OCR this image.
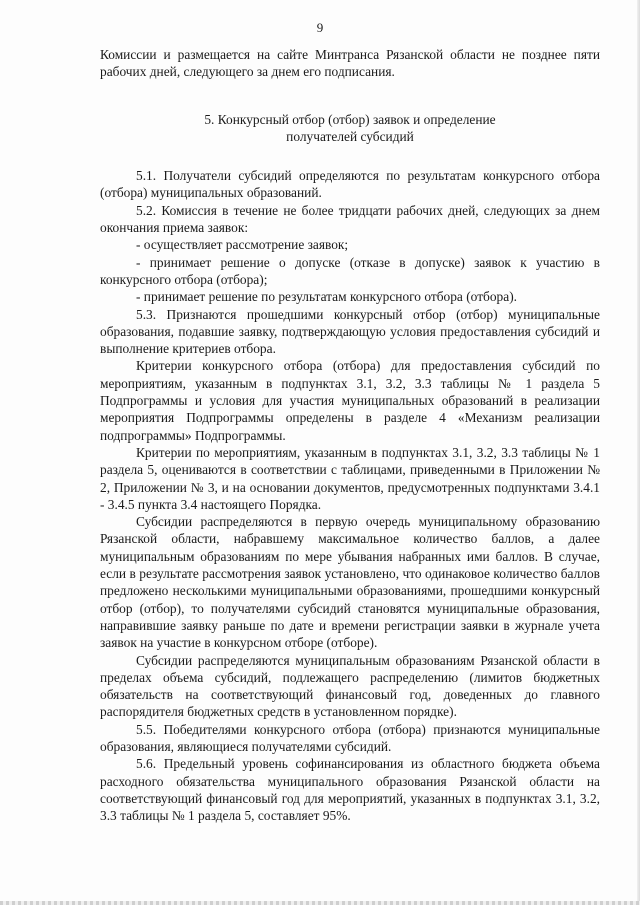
9

Комиссии и размещается на сайте Минтранса Рязанской области не позднее пяти рабочих дней, следующего за днем его подписания.

5. Конкурсный отбор (отбор) заявок и определение
получателей субсидий

5.1. Получатели субсидий определяются по результатам конкурсного отбора (отбора) муниципальных образований.

5.2. Комиссия в течение не более тридцати рабочих дней, следующих за днем окончания приема заявок:

- осуществляет рассмотрение заявок;

- принимает решение о допуске (отказе в допуске) заявок к участию в конкурсного отбора (отбора);

- принимает решение по результатам конкурсного отбора (отбора).

5.3. Признаются прошедшими конкурсный отбор (отбор) муниципальные образования, подавшие заявку, подтверждающую условия предоставления субсидий и выполнение критериев отбора.

Критерии конкурсного отбора (отбора) для предоставления субсидий по мероприятиям, указанным в подпунктах 3.1, 3.2, 3.3 таблицы № 1 раздела 5 Подпрограммы и условия для участия муниципальных образований в реализации мероприятия Подпрограммы определены в разделе 4 «Механизм реализации подпрограммы» Подпрограммы.

Критерии по мероприятиям, указанным в подпунктах 3.1, 3.2, 3.3 таблицы № 1 раздела 5, оцениваются в соответствии с таблицами, приведенными в Приложении № 2, Приложении № 3, и на основании документов, предусмотренных подпунктами 3.4.1 - 3.4.5 пункта 3.4 настоящего Порядка.

Субсидии распределяются в первую очередь муниципальному образованию Рязанской области, набравшему максимальное количество баллов, а далее муниципальным образованиям по мере убывания набранных ими баллов. В случае, если в результате рассмотрения заявок установлено, что одинаковое количество баллов предложено несколькими муниципальными образованиями, прошедшими конкурсный отбор (отбор), то получателями субсидий становятся муниципальные образования, направившие заявку раньше по дате и времени регистрации заявки в журнале учета заявок на участие в конкурсном отборе (отборе).

Субсидии распределяются муниципальным образованиям Рязанской области в пределах объема субсидий, подлежащего распределению (лимитов бюджетных обязательств на соответствующий финансовый год, доведенных до главного распорядителя бюджетных средств в установленном порядке).

5.5. Победителями конкурсного отбора (отбора) признаются муниципальные образования, являющиеся получателями субсидий.

5.6. Предельный уровень софинансирования из областного бюджета объема расходного обязательства муниципального образования Рязанской области на соответствующий финансовый год для мероприятий, указанных в подпунктах 3.1, 3.2, 3.3 таблицы № 1 раздела 5, составляет 95%.
